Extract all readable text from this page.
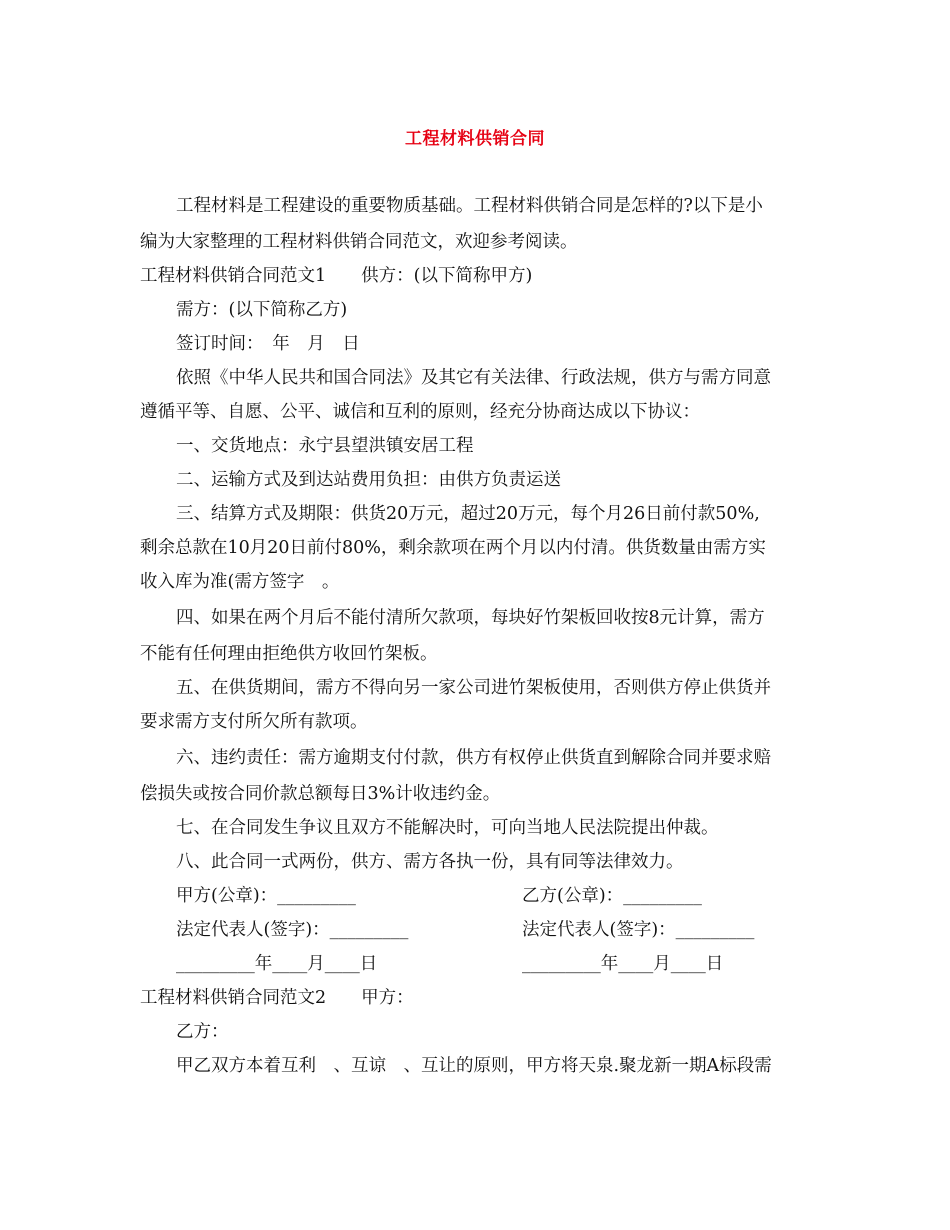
工程材料供销合同
工程材料是工程建设的重要物质基础。工程材料供销合同是怎样的?以下是小
编为大家整理的工程材料供销合同范文，欢迎参考阅读。
工程材料供销合同范文1　　供方：(以下简称甲方)
需方：(以下简称乙方)
签订时间：　年　月　日
依照《中华人民共和国合同法》及其它有关法律、行政法规，供方与需方同意
遵循平等、自愿、公平、诚信和互利的原则，经充分协商达成以下协议：
一、交货地点：永宁县望洪镇安居工程
二、运输方式及到达站费用负担：由供方负责运送
三、结算方式及期限：供货20万元，超过20万元，每个月26日前付款50%,
剩余总款在10月20日前付80%，剩余款项在两个月以内付清。供货数量由需方实
收入库为准(需方签字　。
四、如果在两个月后不能付清所欠款项，每块好竹架板回收按8元计算，需方
不能有任何理由拒绝供方收回竹架板。
五、在供货期间，需方不得向另一家公司进竹架板使用，否则供方停止供货并
要求需方支付所欠所有款项。
六、违约责任：需方逾期支付付款，供方有权停止供货直到解除合同并要求赔
偿损失或按合同价款总额每日3%计收违约金。
七、在合同发生争议且双方不能解决时，可向当地人民法院提出仲裁。
八、此合同一式两份，供方、需方各执一份，具有同等法律效力。
甲方(公章)：_________	乙方(公章)：_________
法定代表人(签字)：_________	法定代表人(签字)：_________
_________年____月____日	_________年____月____日
工程材料供销合同范文2　　甲方：
乙方：
甲乙双方本着互利　、互谅　、互让的原则，甲方将天泉.聚龙新一期A标段需
